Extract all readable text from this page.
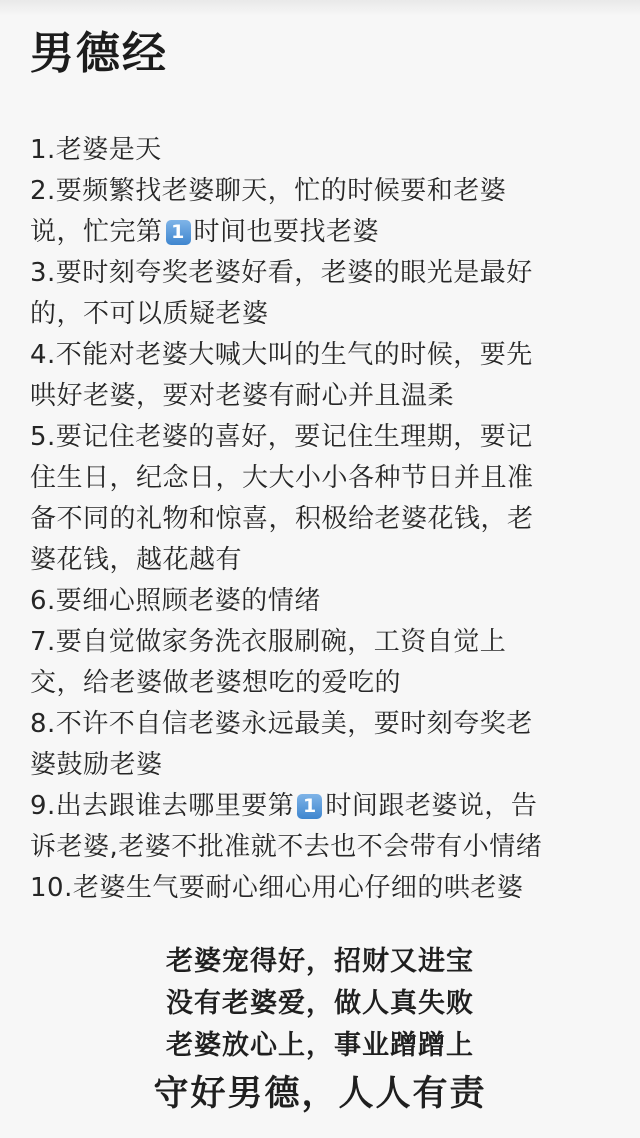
男德经
1.老婆是天
2.要频繁找老婆聊天，忙的时候要和老婆
说，忙完第 1 时间也要找老婆
3.要时刻夸奖老婆好看，老婆的眼光是最好
的，不可以质疑老婆
4.不能对老婆大喊大叫的生气的时候，要先
哄好老婆，要对老婆有耐心并且温柔
5.要记住老婆的喜好，要记住生理期，要记
住生日，纪念日，大大小小各种节日并且准
备不同的礼物和惊喜，积极给老婆花钱，老
婆花钱，越花越有
6.要细心照顾老婆的情绪
7.要自觉做家务洗衣服刷碗，工资自觉上
交，给老婆做老婆想吃的爱吃的
8.不许不自信老婆永远最美，要时刻夸奖老
婆鼓励老婆
9.出去跟谁去哪里要第 1 时间跟老婆说，告
诉老婆,老婆不批准就不去也不会带有小情绪
10.老婆生气要耐心细心用心仔细的哄老婆
老婆宠得好，招财又进宝
没有老婆爱，做人真失败
老婆放心上，事业蹭蹭上
守好男德，人人有责
